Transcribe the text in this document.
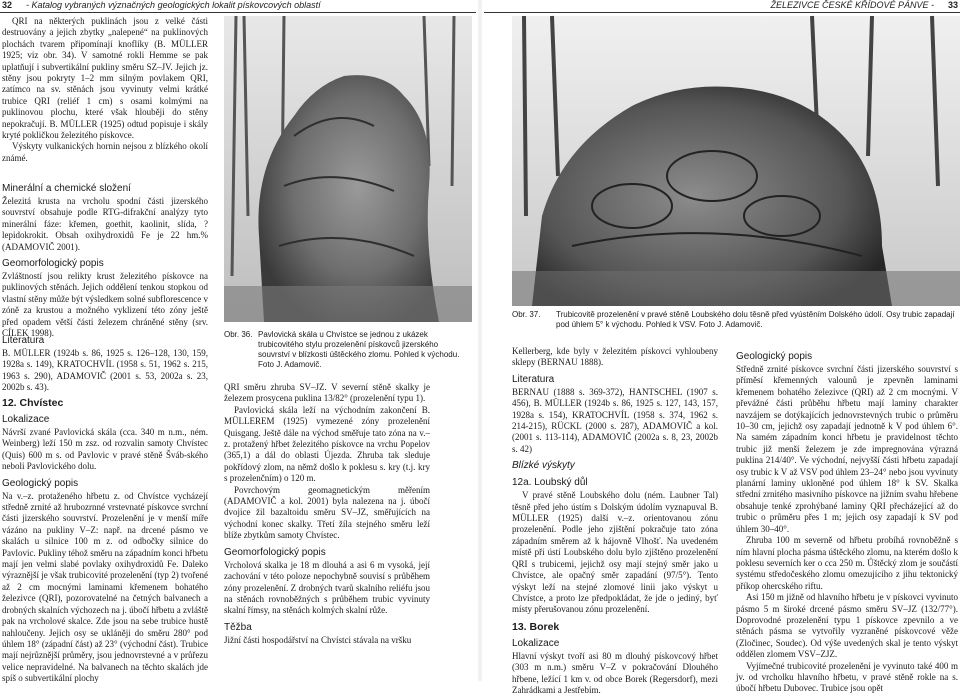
32 - Katalog vybraných význačných geologických lokalit pískovcových oblastí

QRI na některých puklinách jsou z velké části destruovány a jejich zbytky „nalepené“ na puklinových plochách tvarem připomínají knoflíky (B. MÜLLER 1925; viz obr. 34). V samotné rokli Hemme se pak uplatňují i subvertikální pukliny směru SZ–JV. Jejich jz. stěny jsou pokryty 1–2 mm silným povlakem QRI, zatímco na sv. stěnách jsou vyvinuty velmi krátké trubice QRI (reliéf 1 cm) s osami kolmými na puklinovou plochu, které však hlouběji do stěny nepokračují. B. MÜLLER (1925) odtud popisuje i skály kryté pokličkou železitého pískovce.

Výskyty vulkanických hornin nejsou z blízkého okolí známé.

Minerální a chemické složení

Železitá krusta na vrcholu spodní části jizerského souvrství obsahuje podle RTG-difrakční analýzy tyto minerální fáze: křemen, goethit, kaolinit, slída, ?lepidokrokit. Obsah oxihydroxidů Fe je 22 hm.% (ADAMOVIČ 2001).

Geomorfologický popis

Zvláštností jsou relikty krust železitého pískovce na puklinových stěnách. Jejich oddělení tenkou stopkou od vlastní stěny může být výsledkem solné subflorescence v zóně za krustou a možného vyklizení této zóny ještě před opadem větší části železem chráněné stěny (srv. CÍLEK 1998).

Literatura

B. MÜLLER (1924b s. 86, 1925 s. 126–128, 130, 159, 1928a s. 149), KRATOCHVÍL (1958 s. 51, 1962 s. 215, 1963 s. 290), ADAMOVIČ (2001 s. 53, 2002a s. 23, 2002b s. 43).

12. Chvístec
Lokalizace

Návrší zvané Pavlovická skála (cca. 340 m n.m., ném. Weinberg) leží 150 m zsz. od rozvalin samoty Chvístec (Quis) 600 m s. od Pavlovic v pravé stěně Šváb-ského neboli Pavlovického dolu.

Geologický popis

Na v.–z. protaženého hřbetu z. od Chvístce vycházejí středně zrnité až hrubozrnné vrstevnaté pískovce svrchní části jizerského souvrství. Prozelenění je v menší míře vázáno na pukliny V–Z: např. na drcené pásmo ve skalách u silnice 100 m z. od odbočky silnice do Pavlovic. Pukliny téhož směru na západním konci hřbetu mají jen velmi slabé povlaky oxihydroxidů Fe. Daleko výraznější je však trubicovité prozelenění (typ 2) tvořené až 2 cm mocnými laminami křemenem bohatého železivce (QRI), pozorovatelné na četných balvanech a drobných skalních výchozech na j. úbočí hřbetu a zvláště pak na vrcholové skalce. Zde jsou na sebe trubice hustě nahloučeny. Jejich osy se ukláněji do směru 280° pod úhlem 18° (západní část) až 23° (východní část). Trubice mají nejrůznější průměry, jsou jednovrstevné a v průřezu velice nepravidelné. Na balvanech na těchto skalách jde spíš o subvertikální plochy

Obr. 36. Pavlovická skála u Chvístce se jednou z ukázek trubicovitého stylu prozelenění pískovců jizerského souvrství v blízkosti úštěckého zlomu. Pohled k východu. Foto J. Adamovič.

QRI směru zhruba SV–JZ. V severní stěně skalky je železem prosycena puklina 13/82° (prozelenění typu 1).

Pavlovická skála leží na východním zakončení B. MÜLLEREM (1925) vymezené zóny prozelenění Quisgang. Ještě dále na východ směřuje tato zóna na v.–z. protažený hřbet železitého pískovce na vrchu Popelov (365,1) a dál do oblasti Újezda. Zhruba tak sleduje pokřídový zlom, na němž došlo k poklesu s. kry (t.j. kry s prozelenčním) o 120 m.

Povrchovým geomagnetickým měřením (ADAMOVIČ a kol. 2001) byla nalezena na j. úbočí dvojice žil bazaltoidu směru SV–JZ, směřujících na východní konec skalky. Třetí žíla stejného směru leží blíže zbytkům samoty Chvístec.

Geomorfologický popis

Vrcholová skalka je 18 m dlouhá a asi 6 m vysoká, její zachování v této poloze nepochybně souvisí s průběhem zóny prozelenění. Z drobných tvarů skalního reliéfu jsou na stěnách rovnoběžných s průběhem trubic vyvinuty skalní římsy, na stěnách kolmých skalní růže.

Těžba

Jižní části hospodářství na Chvístci stávala na vršku

ŽELEZIVCE ČESKÉ KŘÍDOVÉ PÁNVE - 33
Obr. 37. Trubicovitě prozelenění v pravé stěně Loubského dolu těsně před vyústěním Dolského údolí. Osy trubic zapadají pod úhlem 5° k východu. Pohled k VSV. Foto J. Adamovič.

Kellerberg, kde byly v železitém pískovci vyhloubeny sklepy (BERNAU 1888).

Literatura

BERNAU (1888 s. 369-372), HANTSCHEL (1907 s. 456), B. MÜLLER (1924b s. 86, 1925 s. 127, 143, 157, 1928a s. 154), KRATOCHVÍL (1958 s. 374, 1962 s. 214-215), RÜCKL (2000 s. 287), ADAMOVIČ a kol. (2001 s. 113-114), ADAMOVIČ (2002a s. 8, 23, 2002b s. 42)

Blízké výskyty
12a. Loubský důl

V pravé stěně Loubského dolu (ném. Laubner Tal) těsně před jeho ústím s Dolským údolím vyznapuval B. MÜLLER (1925) další v.–z. orientovanou zónu prozelenění. Podle jeho zjištění pokračuje tato zóna západním směrem až k hájovně Vlhošť. Na uvedeném místě při ústí Loubského dolu bylo zjištěno prozelenění QRI s trubicemi, jejichž osy mají stejný směr jako u Chvístce, ale opačný směr zapadání (97/5°). Tento výskyt leží na stejné zlomové linii jako výskyt u Chvístce, a proto lze předpokládat, že jde o jediný, byť místy přerušovanou zónu prozelenění.

13. Borek
Lokalizace

Hlavní výskyt tvoří asi 80 m dlouhý pískovcový hřbet (303 m n.m.) směru V–Z v pokračování Dlouhého hřbene, ležící 1 km v. od obce Borek (Regersdorf), mezi Zahrádkami a Jestřebím.

Geologický popis

Středně zrnité pískovce svrchní části jizerského souvrství s příměsí křemenných valounů je zpevněn laminami křemenem bohatého železivce (QRI) až 2 cm mocnými. V převážné části průběhu hřbetu mají laminy charakter navzájem se dotýkajících jednovrstevných trubic o průměru 10–30 cm, jejichž osy zapadají jednotně k V pod úhlem 6°. Na samém západním konci hřbetu je pravidelnost těchto trubic již menší železem je zde impregnována výrazná puklina 214/40°. Ve východní, nejvyšší části hřbetu zapadají osy trubic k V až VSV pod úhlem 23–24° nebo jsou vyvinuty planární laminy ukloněné pod úhlem 18° k SV. Skalka střední zrnitého masivního pískovce na jižním svahu hřebene obsahuje tenké zprohýbané laminy QRI přecházející až do trubic o průměru přes 1 m; jejich osy zapadají k SV pod úhlem 30–40°.

Zhruba 100 m severně od hřbetu probíhá rovnoběžně s ním hlavní plocha pásma úštěckého zlomu, na kterém došlo k poklesu severních ker o cca 250 m. Ůštěcký zlom je součástí systému středočeského zlomu omezujícího z jihu tektonický příkop ohercského riftu.

Asi 150 m jižně od hlavního hřbetu je v pískovci vyvinuto pásmo 5 m široké drcené pásmo směru SV–JZ (132/77°). Doprovodné prozelenění typu 1 pískovce zpevnilo a ve stěnách pásma se vytvořily vyzraněné pískovcové věže (Zločinec, Soudec). Od výše uvedených skal je tento výskyt oddělen zlomem VSV–ZJZ.

Vyjímečné trubicovité prozelenění je vyvinuto také 400 m jv. od vrcholku hlavního hřbetu, v pravé stěně rokle na s. úbočí hřbetu Dubovec. Trubice jsou opět
